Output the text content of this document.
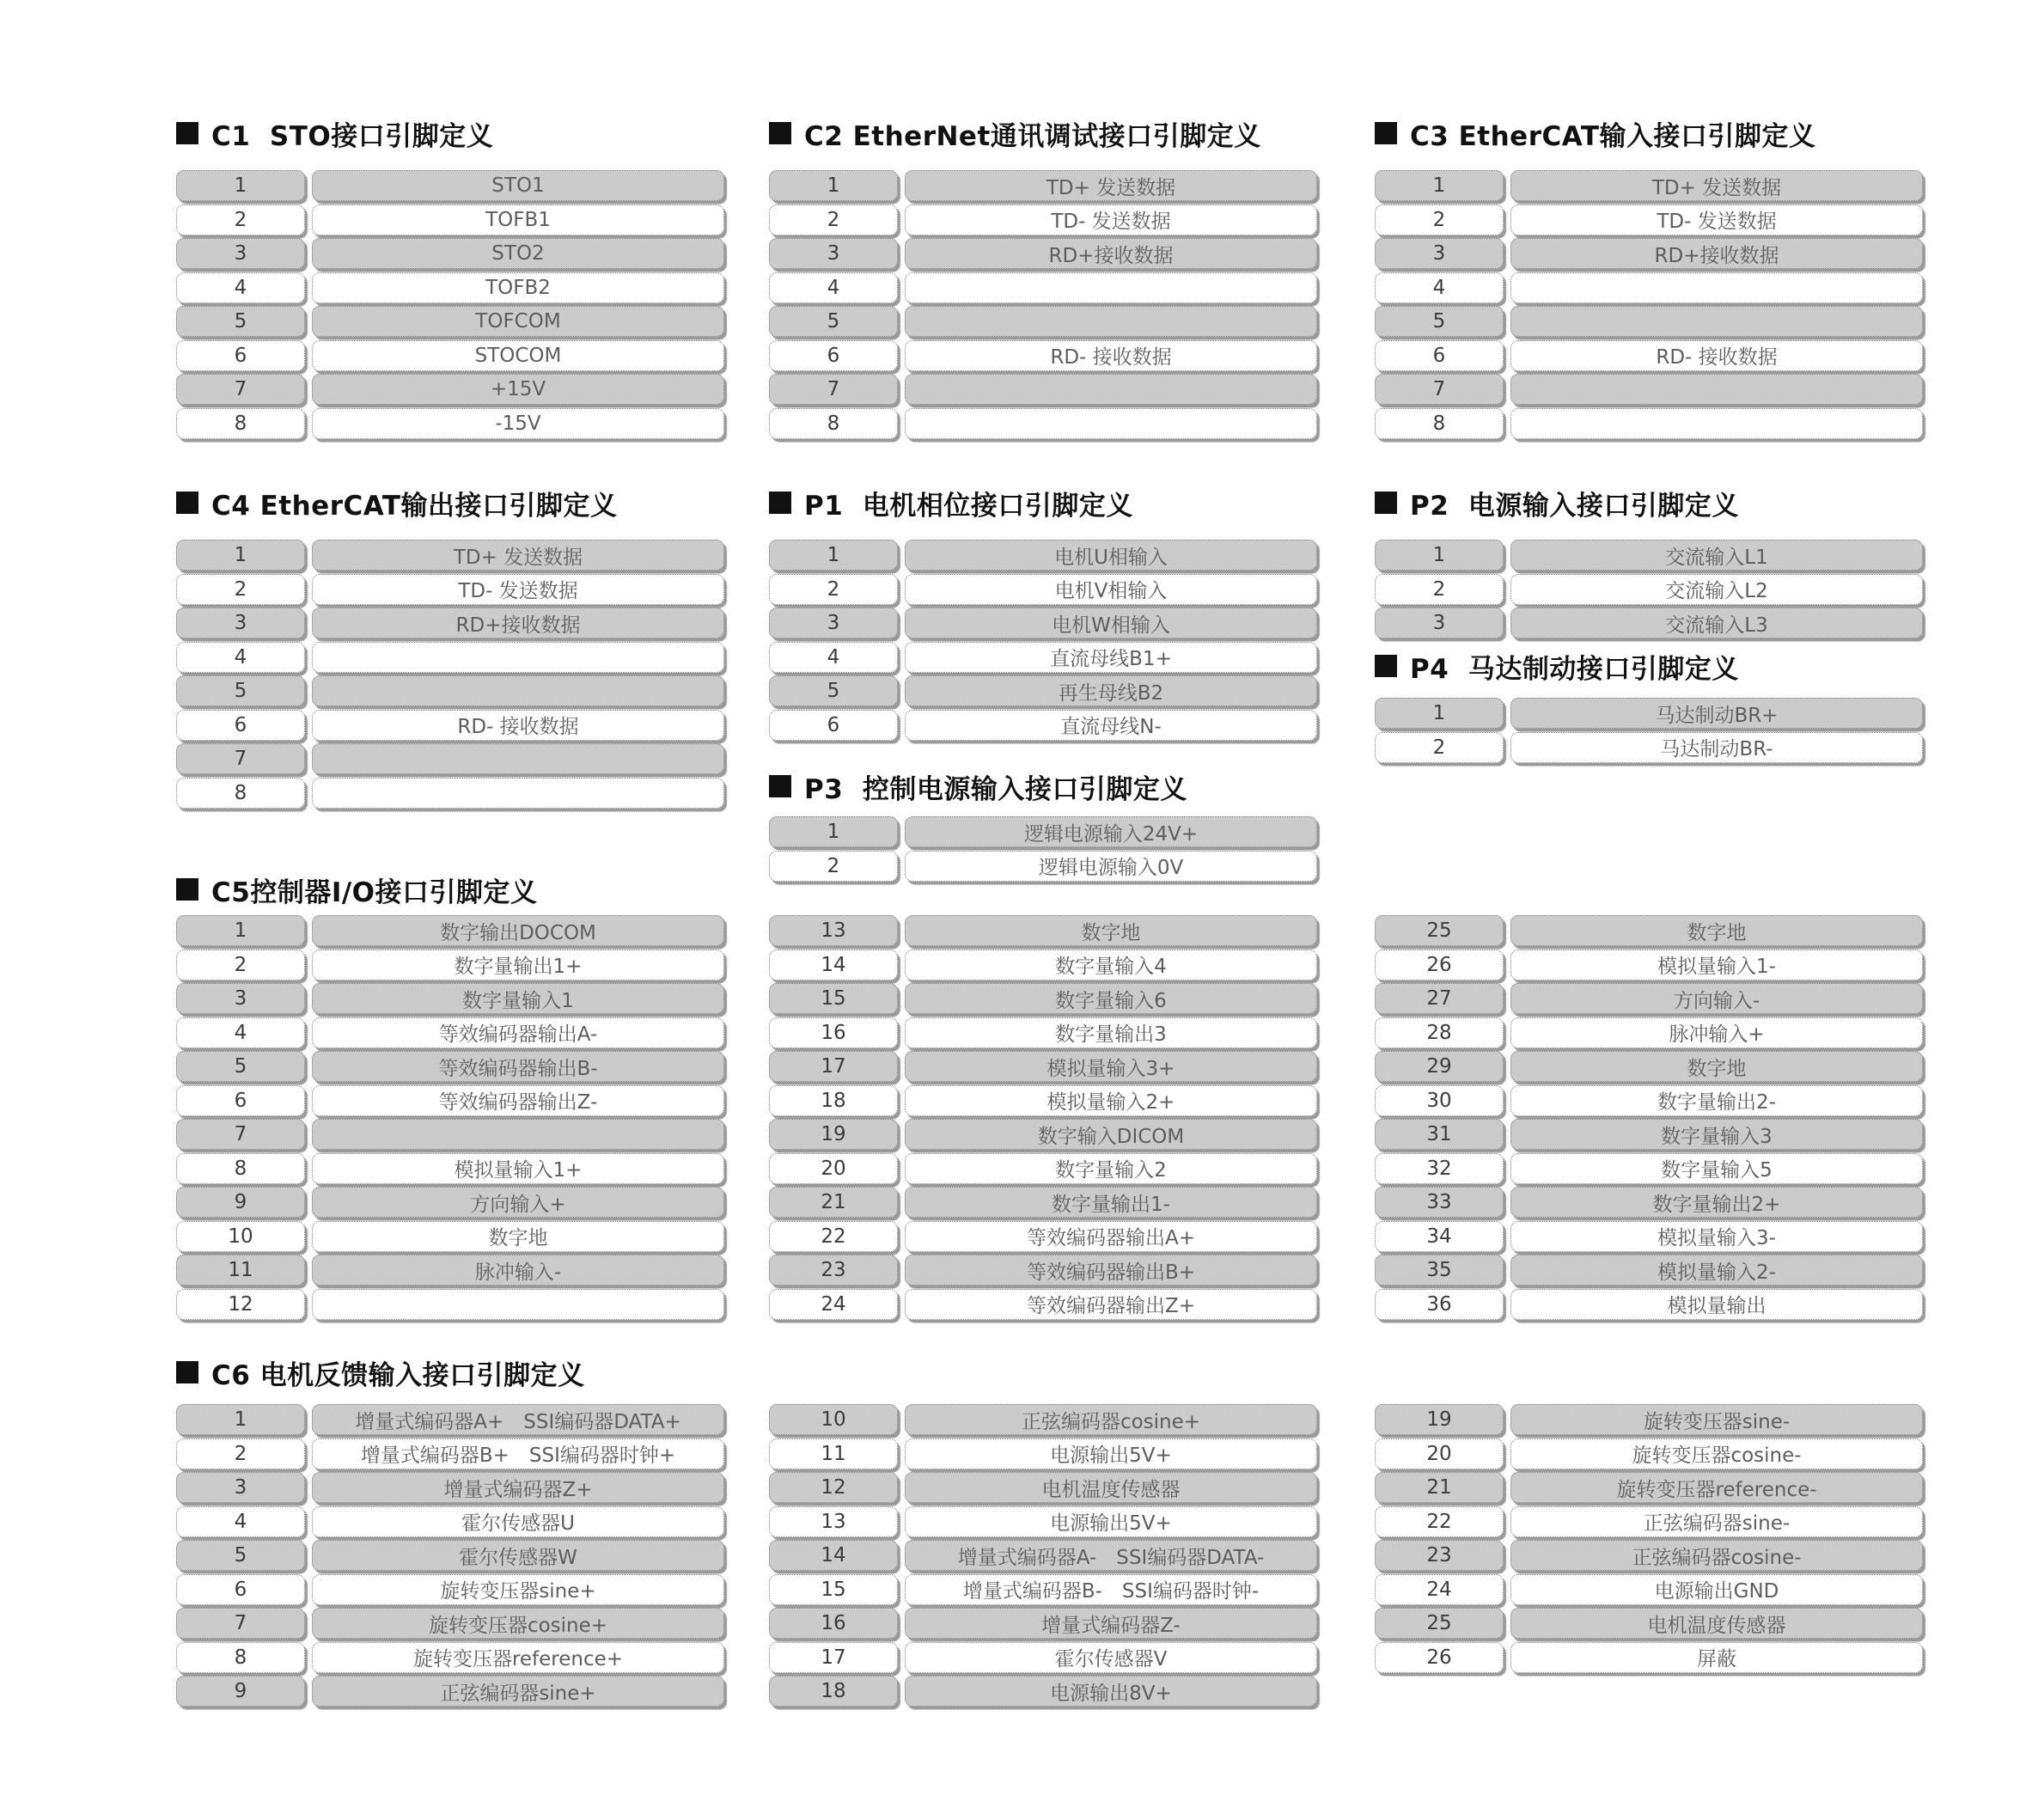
C1  STO接口引脚定义
1	STO1
2	TOFB1
3	STO2
4	TOFB2
5	TOFCOM
6	STOCOM
7	+15V
8	-15V
C2 EtherNet通讯调试接口引脚定义
1	TD+ 发送数据
2	TD- 发送数据
3	RD+接收数据
4
5
6	RD- 接收数据
7
8
C3 EtherCAT输入接口引脚定义
1	TD+ 发送数据
2	TD- 发送数据
3	RD+接收数据
4
5
6	RD- 接收数据
7
8
C4 EtherCAT输出接口引脚定义
1	TD+ 发送数据
2	TD- 发送数据
3	RD+接收数据
4
5
6	RD- 接收数据
7
8
P1  电机相位接口引脚定义
1	电机U相输入
2	电机V相输入
3	电机W相输入
4	直流母线B1+
5	再生母线B2
6	直流母线N-
P2  电源输入接口引脚定义
1	交流输入L1
2	交流输入L2
3	交流输入L3
P4  马达制动接口引脚定义
1	马达制动BR+
2	马达制动BR-
P3  控制电源输入接口引脚定义
1	逻辑电源输入24V+
2	逻辑电源输入0V
C5控制器I/O接口引脚定义
1	数字输出DOCOM
2	数字量输出1+
3	数字量输入1
4	等效编码器输出A-
5	等效编码器输出B-
6	等效编码器输出Z-
7
8	模拟量输入1+
9	方向输入+
10	数字地
11	脉冲输入-
12
13	数字地
14	数字量输入4
15	数字量输入6
16	数字量输出3
17	模拟量输入3+
18	模拟量输入2+
19	数字输入DICOM
20	数字量输入2
21	数字量输出1-
22	等效编码器输出A+
23	等效编码器输出B+
24	等效编码器输出Z+
25	数字地
26	模拟量输入1-
27	方向输入-
28	脉冲输入+
29	数字地
30	数字量输出2-
31	数字量输入3
32	数字量输入5
33	数字量输出2+
34	模拟量输入3-
35	模拟量输入2-
36	模拟量输出
C6 电机反馈输入接口引脚定义
1	增量式编码器A+　SSI编码器DATA+
2	增量式编码器B+　SSI编码器时钟+
3	增量式编码器Z+
4	霍尔传感器U
5	霍尔传感器W
6	旋转变压器sine+
7	旋转变压器cosine+
8	旋转变压器reference+
9	正弦编码器sine+
10	正弦编码器cosine+
11	电源输出5V+
12	电机温度传感器
13	电源输出5V+
14	增量式编码器A-　SSI编码器DATA-
15	增量式编码器B-　SSI编码器时钟-
16	增量式编码器Z-
17	霍尔传感器V
18	电源输出8V+
19	旋转变压器sine-
20	旋转变压器cosine-
21	旋转变压器reference-
22	正弦编码器sine-
23	正弦编码器cosine-
24	电源输出GND
25	电机温度传感器
26	屏蔽
